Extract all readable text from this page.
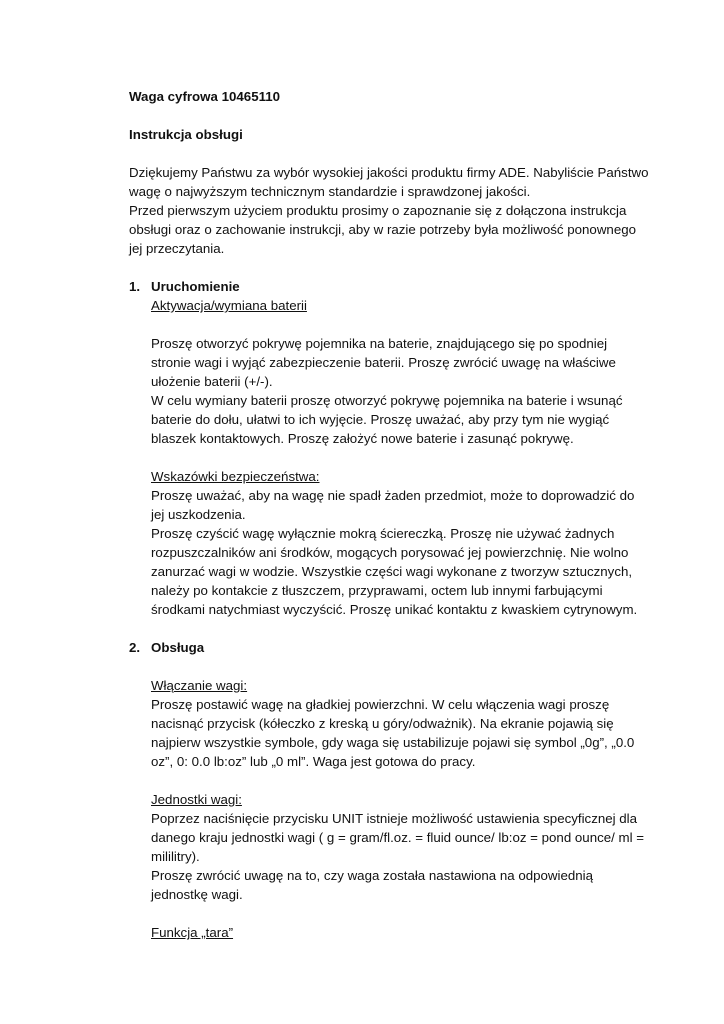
Waga cyfrowa 10465110

Instrukcja obsługi

Dziękujemy Państwu za wybór wysokiej jakości produktu firmy ADE. Nabyliście Państwo wagę o najwyższym technicznym standardzie i sprawdzonej jakości.

Przed pierwszym użyciem produktu prosimy o zapoznanie się z dołączona instrukcja obsługi oraz o zachowanie instrukcji, aby w razie potrzeby była możliwość ponownego jej przeczytania.

1. Uruchomienie

Aktywacja/wymiana baterii

Proszę otworzyć pokrywę pojemnika na baterie, znajdującego się po spodniej stronie wagi i wyjąć zabezpieczenie baterii. Proszę zwrócić uwagę na właściwe ułożenie baterii (+/-).

W celu wymiany baterii proszę otworzyć pokrywę pojemnika na baterie i wsunąć baterie do dołu, ułatwi to ich wyjęcie. Proszę uważać, aby przy tym nie wygiąć blaszek kontaktowych. Proszę założyć nowe baterie i zasunąć pokrywę.

Wskazówki bezpieczeństwa:

Proszę uważać, aby na wagę nie spadł żaden przedmiot, może to doprowadzić do jej uszkodzenia.

Proszę czyścić wagę wyłącznie mokrą ściereczką. Proszę nie używać żadnych rozpuszczalników ani środków, mogących porysować jej powierzchnię. Nie wolno zanurzać wagi w wodzie. Wszystkie części wagi wykonane z tworzyw sztucznych, należy po kontakcie z tłuszczem, przyprawami, octem lub innymi farbującymi środkami natychmiast wyczyścić. Proszę unikać kontaktu z kwaskiem cytrynowym.

2. Obsługa

Włączanie wagi:

Proszę postawić wagę na gładkiej powierzchni. W celu włączenia wagi proszę nacisnąć przycisk (kółeczko z kreską u góry/odważnik). Na ekranie pojawią się najpierw wszystkie symbole, gdy waga się ustabilizuje pojawi się symbol „0g”, „0.0 oz”, 0: 0.0 lb:oz” lub „0 ml”. Waga jest gotowa do pracy.

Jednostki wagi:

Poprzez naciśnięcie przycisku UNIT istnieje możliwość ustawienia specyficznej dla danego kraju jednostki wagi ( g = gram/fl.oz. = fluid ounce/ lb:oz = pond ounce/ ml = mililitry).

Proszę zwrócić uwagę na to, czy waga została nastawiona na odpowiednią jednostkę wagi.

Funkcja „tara”
